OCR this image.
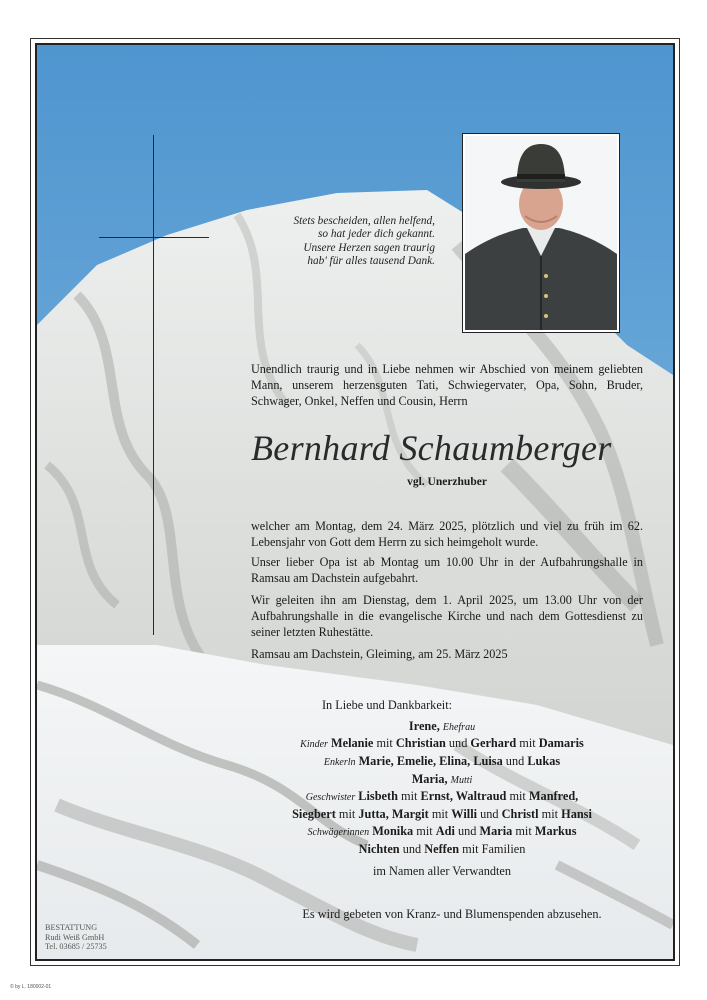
Stets bescheiden, allen helfend,
so hat jeder dich gekannt.
Unsere Herzen sagen traurig
hab' für alles tausend Dank.
Unendlich traurig und in Liebe nehmen wir Abschied von meinem geliebten Mann, unserem herzensguten Tati, Schwiegervater, Opa, Sohn, Bruder, Schwager, Onkel, Neffen und Cousin, Herrn
Bernhard Schaumberger
vgl. Unerzhuber
welcher am Montag, dem 24. März 2025, plötzlich und viel zu früh im 62. Lebensjahr von Gott dem Herrn zu sich heimgeholt wurde.
Unser lieber Opa ist ab Montag um 10.00 Uhr in der Aufbahrungshalle in Ramsau am Dachstein aufgebahrt.
Wir geleiten ihn am Dienstag, dem 1. April 2025, um 13.00 Uhr von der Aufbahrungshalle in die evangelische Kirche und nach dem Gottesdienst zu seiner letzten Ruhestätte.
Ramsau am Dachstein, Gleiming, am 25. März 2025
In Liebe und Dankbarkeit:
Irene, Ehefrau
Kinder Melanie mit Christian und Gerhard mit Damaris
Enkerln Marie, Emelie, Elina, Luisa und Lukas
Maria, Mutti
Geschwister Lisbeth mit Ernst, Waltraud mit Manfred,
Siegbert mit Jutta, Margit mit Willi und Christl mit Hansi
Schwägerinnen Monika mit Adi und Maria mit Markus
Nichten und Neffen mit Familien
im Namen aller Verwandten
Es wird gebeten von Kranz- und Blumenspenden abzusehen.
BESTATTUNG
Rudi Weiß GmbH
Tel. 03685 / 25735
© by L. 180002-01
